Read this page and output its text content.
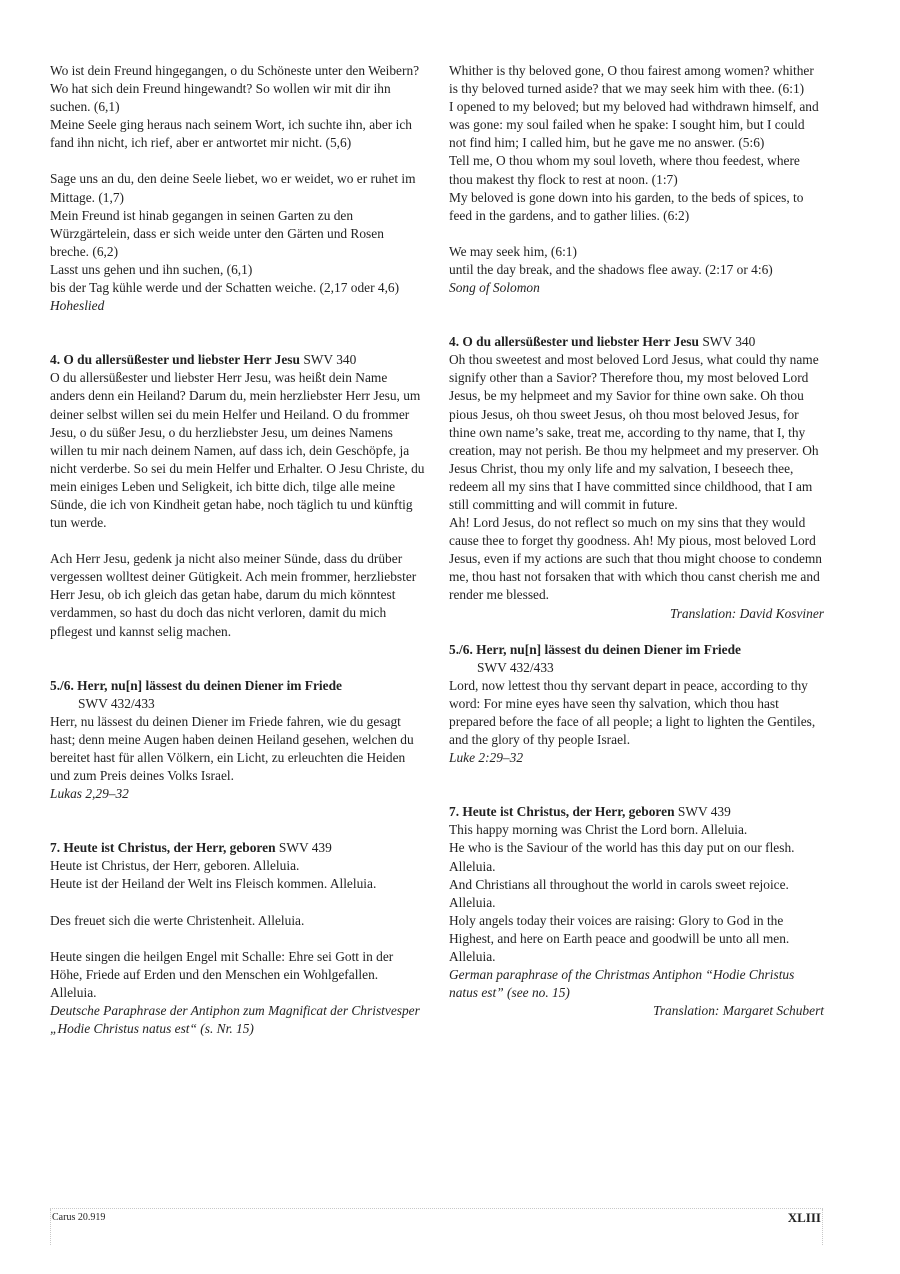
Wo ist dein Freund hingegangen, o du Schöneste unter den Weibern? Wo hat sich dein Freund hingewandt? So wollen wir mit dir ihn suchen. (6,1)

Meine Seele ging heraus nach seinem Wort, ich suchte ihn, aber ich fand ihn nicht, ich rief, aber er antwortet mir nicht. (5,6)

Sage uns an du, den deine Seele liebet, wo er weidet, wo er ruhet im Mittage. (1,7)

Mein Freund ist hinab gegangen in seinen Garten zu den Würzgärtelein, dass er sich weide unter den Gärten und Rosen breche. (6,2)

Lasst uns gehen und ihn suchen, (6,1)

bis der Tag kühle werde und der Schatten weiche. (2,17 oder 4,6)

Hoheslied

4. O du allersüßester und liebster Herr Jesu SWV 340

O du allersüßester und liebster Herr Jesu, was heißt dein Name anders denn ein Heiland? Darum du, mein herzliebster Herr Jesu, um deiner selbst willen sei du mein Helfer und Heiland. O du frommer Jesu, o du süßer Jesu, o du herzliebster Jesu, um deines Namens willen tu mir nach deinem Namen, auf dass ich, dein Geschöpfe, ja nicht verderbe. So sei du mein Helfer und Erhalter. O Jesu Christe, du mein einiges Leben und Seligkeit, ich bitte dich, tilge alle meine Sünde, die ich von Kindheit getan habe, noch täglich tu und künftig tun werde.

Ach Herr Jesu, gedenk ja nicht also meiner Sünde, dass du drüber vergessen wolltest deiner Gütigkeit. Ach mein frommer, herzliebster Herr Jesu, ob ich gleich das getan habe, darum du mich könntest verdammen, so hast du doch das nicht verloren, damit du mich pflegest und kannst selig machen.

5./6. Herr, nu[n] lässest du deinen Diener im Friede

SWV 432/433

Herr, nu lässest du deinen Diener im Friede fahren, wie du gesagt hast; denn meine Augen haben deinen Heiland gesehen, welchen du bereitet hast für allen Völkern, ein Licht, zu erleuchten die Heiden und zum Preis deines Volks Israel.

Lukas 2,29–32

7. Heute ist Christus, der Herr, geboren SWV 439

Heute ist Christus, der Herr, geboren. Alleluia.

Heute ist der Heiland der Welt ins Fleisch kommen. Alleluia.

Des freuet sich die werte Christenheit. Alleluia.

Heute singen die heilgen Engel mit Schalle: Ehre sei Gott in der Höhe, Friede auf Erden und den Menschen ein Wohlgefallen. Alleluia.

Deutsche Paraphrase der Antiphon zum Magnificat der Christvesper „Hodie Christus natus est“ (s. Nr. 15)

Whither is thy beloved gone, O thou fairest among women? whither is thy beloved turned aside? that we may seek him with thee. (6:1)

I opened to my beloved; but my beloved had withdrawn himself, and was gone: my soul failed when he spake: I sought him, but I could not find him; I called him, but he gave me no answer. (5:6)

Tell me, O thou whom my soul loveth, where thou feedest, where thou makest thy flock to rest at noon. (1:7)

My beloved is gone down into his garden, to the beds of spices, to feed in the gardens, and to gather lilies. (6:2)

We may seek him, (6:1)

until the day break, and the shadows flee away. (2:17 or 4:6)

Song of Solomon

4. O du allersüßester und liebster Herr Jesu SWV 340

Oh thou sweetest and most beloved Lord Jesus, what could thy name signify other than a Savior? Therefore thou, my most beloved Lord Jesus, be my helpmeet and my Savior for thine own sake. Oh thou pious Jesus, oh thou sweet Jesus, oh thou most beloved Jesus, for thine own name’s sake, treat me, according to thy name, that I, thy creation, may not perish. Be thou my helpmeet and my preserver. Oh Jesus Christ, thou my only life and my salvation, I beseech thee, redeem all my sins that I have committed since childhood, that I am still committing and will commit in future.

Ah! Lord Jesus, do not reflect so much on my sins that they would cause thee to forget thy goodness. Ah! My pious, most beloved Lord Jesus, even if my actions are such that thou might choose to condemn me, thou hast not forsaken that with which thou canst cherish me and render me blessed.

Translation: David Kosviner

5./6. Herr, nu[n] lässest du deinen Diener im Friede

SWV 432/433

Lord, now lettest thou thy servant depart in peace, according to thy word: For mine eyes have seen thy salvation, which thou hast prepared before the face of all people; a light to lighten the Gentiles, and the glory of thy people Israel.

Luke 2:29–32

7. Heute ist Christus, der Herr, geboren SWV 439

This happy morning was Christ the Lord born. Alleluia.

He who is the Saviour of the world has this day put on our flesh. Alleluia.

And Christians all throughout the world in carols sweet rejoice. Alleluia.

Holy angels today their voices are raising: Glory to God in the Highest, and here on Earth peace and goodwill be unto all men. Alleluia.

German paraphrase of the Christmas Antiphon “Hodie Christus natus est” (see no. 15)

Translation: Margaret Schubert

Carus 20.919	XLIII
